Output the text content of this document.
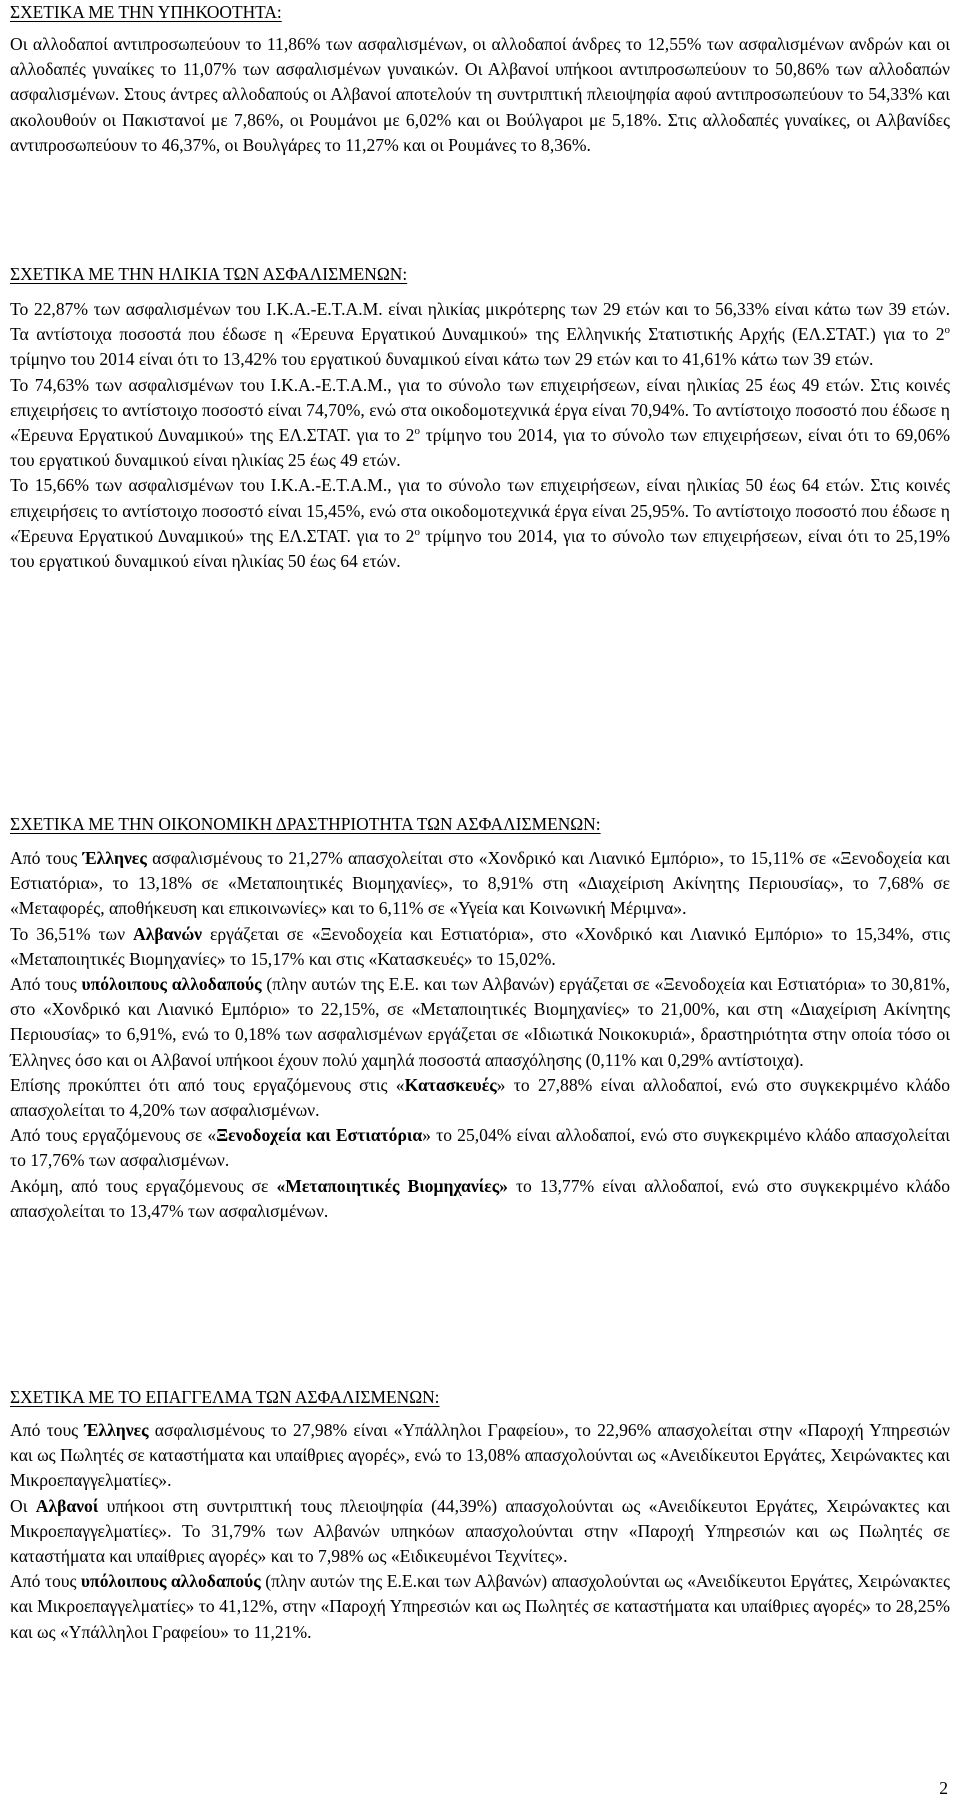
ΣΧΕΤΙΚΑ ΜΕ ΤΗΝ ΥΠΗΚΟΟΤΗΤΑ:

Οι αλλοδαποί αντιπροσωπεύουν το 11,86% των ασφαλισμένων, οι αλλοδαποί άνδρες το 12,55% των ασφαλισμένων ανδρών και οι αλλοδαπές γυναίκες το 11,07% των ασφαλισμένων γυναικών. Οι Αλβανοί υπήκοοι αντιπροσωπεύουν το 50,86% των αλλοδαπών ασφαλισμένων. Στους άντρες αλλοδαπούς οι Αλβανοί αποτελούν τη συντριπτική πλειοψηφία αφού αντιπροσωπεύουν το 54,33% και ακολουθούν οι Πακιστανοί με 7,86%, οι Ρουμάνοι με 6,02% και οι Βούλγαροι με 5,18%. Στις αλλοδαπές γυναίκες, οι Αλβανίδες αντιπροσωπεύουν το 46,37%, οι Βουλγάρες το 11,27% και οι Ρουμάνες το 8,36%.

ΣΧΕΤΙΚΑ ΜΕ ΤΗΝ ΗΛΙΚΙΑ ΤΩΝ ΑΣΦΑΛΙΣΜΕΝΩΝ:

Το 22,87% των ασφαλισμένων του Ι.Κ.Α.-Ε.Τ.Α.Μ. είναι ηλικίας μικρότερης των 29 ετών και το 56,33% είναι κάτω των 39 ετών. Τα αντίστοιχα ποσοστά που έδωσε η «Έρευνα Εργατικού Δυναμικού» της Ελληνικής Στατιστικής Αρχής (ΕΛ.ΣΤΑΤ.) για το $2^o$ τρίμηνο του 2014 είναι ότι το 13,42% του εργατικού δυναμικού είναι κάτω των 29 ετών και το 41,61% κάτω των 39 ετών.

Το 74,63% των ασφαλισμένων του Ι.Κ.Α.-Ε.Τ.Α.Μ., για το σύνολο των επιχειρήσεων, είναι ηλικίας 25 έως 49 ετών. Στις κοινές επιχειρήσεις το αντίστοιχο ποσοστό είναι 74,70%, ενώ στα οικοδομοτεχνικά έργα είναι 70,94%. Το αντίστοιχο ποσοστό που έδωσε η «Έρευνα Εργατικού Δυναμικού» της ΕΛ.ΣΤΑΤ. για το $2^o$ τρίμηνο του 2014, για το σύνολο των επιχειρήσεων, είναι ότι το 69,06% του εργατικού δυναμικού είναι ηλικίας 25 έως 49 ετών.

Το 15,66% των ασφαλισμένων του Ι.Κ.Α.-Ε.Τ.Α.Μ., για το σύνολο των επιχειρήσεων, είναι ηλικίας 50 έως 64 ετών. Στις κοινές επιχειρήσεις το αντίστοιχο ποσοστό είναι 15,45%, ενώ στα οικοδομοτεχνικά έργα είναι 25,95%. Το αντίστοιχο ποσοστό που έδωσε η «Έρευνα Εργατικού Δυναμικού» της ΕΛ.ΣΤΑΤ. για το $2^o$ τρίμηνο του 2014, για το σύνολο των επιχειρήσεων, είναι ότι το 25,19% του εργατικού δυναμικού είναι ηλικίας 50 έως 64 ετών.

ΣΧΕΤΙΚΑ ΜΕ ΤΗΝ ΟΙΚΟΝΟΜΙΚΗ ΔΡΑΣΤΗΡΙΟΤΗΤΑ ΤΩΝ ΑΣΦΑΛΙΣΜΕΝΩΝ:

Από τους Έλληνες ασφαλισμένους το 21,27% απασχολείται στο «Χονδρικό και Λιανικό Εμπόριο», το 15,11% σε «Ξενοδοχεία και Εστιατόρια», το 13,18% σε «Μεταποιητικές Βιομηχανίες», το 8,91% στη «Διαχείριση Ακίνητης Περιουσίας», το 7,68% σε «Μεταφορές, αποθήκευση και επικοινωνίες» και το 6,11% σε «Υγεία και Κοινωνική Μέριμνα».

Το 36,51% των Αλβανών εργάζεται σε «Ξενοδοχεία και Εστιατόρια», στο «Χονδρικό και Λιανικό Εμπόριο» το 15,34%, στις «Μεταποιητικές Βιομηχανίες» το 15,17% και στις «Κατασκευές» το 15,02%.

Από τους υπόλοιπους αλλοδαπούς (πλην αυτών της Ε.Ε. και των Αλβανών) εργάζεται σε «Ξενοδοχεία και Εστιατόρια» το 30,81%, στο «Χονδρικό και Λιανικό Εμπόριο» το 22,15%, σε «Μεταποιητικές Βιομηχανίες» το 21,00%, και στη «Διαχείριση Ακίνητης Περιουσίας» το 6,91%, ενώ το 0,18% των ασφαλισμένων εργάζεται σε «Ιδιωτικά Νοικοκυριά», δραστηριότητα στην οποία τόσο οι Έλληνες όσο και οι Αλβανοί υπήκοοι έχουν πολύ χαμηλά ποσοστά απασχόλησης (0,11% και 0,29% αντίστοιχα).

Επίσης προκύπτει ότι από τους εργαζόμενους στις «Κατασκευές» το 27,88% είναι αλλοδαποί, ενώ στο συγκεκριμένο κλάδο απασχολείται το 4,20% των ασφαλισμένων.

Από τους εργαζόμενους σε «Ξενοδοχεία και Εστιατόρια» το 25,04% είναι αλλοδαποί, ενώ στο συγκεκριμένο κλάδο απασχολείται το 17,76% των ασφαλισμένων.

Ακόμη, από τους εργαζόμενους σε «Μεταποιητικές Βιομηχανίες» το 13,77% είναι αλλοδαποί, ενώ στο συγκεκριμένο κλάδο απασχολείται το 13,47% των ασφαλισμένων.

ΣΧΕΤΙΚΑ ΜΕ ΤΟ ΕΠΑΓΓΕΛΜΑ ΤΩΝ ΑΣΦΑΛΙΣΜΕΝΩΝ:

Από τους Έλληνες ασφαλισμένους το 27,98% είναι «Υπάλληλοι Γραφείου», το 22,96% απασχολείται στην «Παροχή Υπηρεσιών και ως Πωλητές σε καταστήματα και υπαίθριες αγορές», ενώ το 13,08% απασχολούνται ως «Ανειδίκευτοι Εργάτες, Χειρώνακτες και Μικροεπαγγελματίες».

Οι Αλβανοί υπήκοοι στη συντριπτική τους πλειοψηφία (44,39%) απασχολούνται ως «Ανειδίκευτοι Εργάτες, Χειρώνακτες και Μικροεπαγγελματίες». Το 31,79% των Αλβανών υπηκόων απασχολούνται στην «Παροχή Υπηρεσιών και ως Πωλητές σε καταστήματα και υπαίθριες αγορές» και το 7,98% ως «Ειδικευμένοι Τεχνίτες».

Από τους υπόλοιπους αλλοδαπούς (πλην αυτών της Ε.Ε.και των Αλβανών) απασχολούνται ως «Ανειδίκευτοι Εργάτες, Χειρώνακτες και Μικροεπαγγελματίες» το 41,12%, στην «Παροχή Υπηρεσιών και ως Πωλητές σε καταστήματα και υπαίθριες αγορές» το 28,25% και ως «Υπάλληλοι Γραφείου» το 11,21%.

2
